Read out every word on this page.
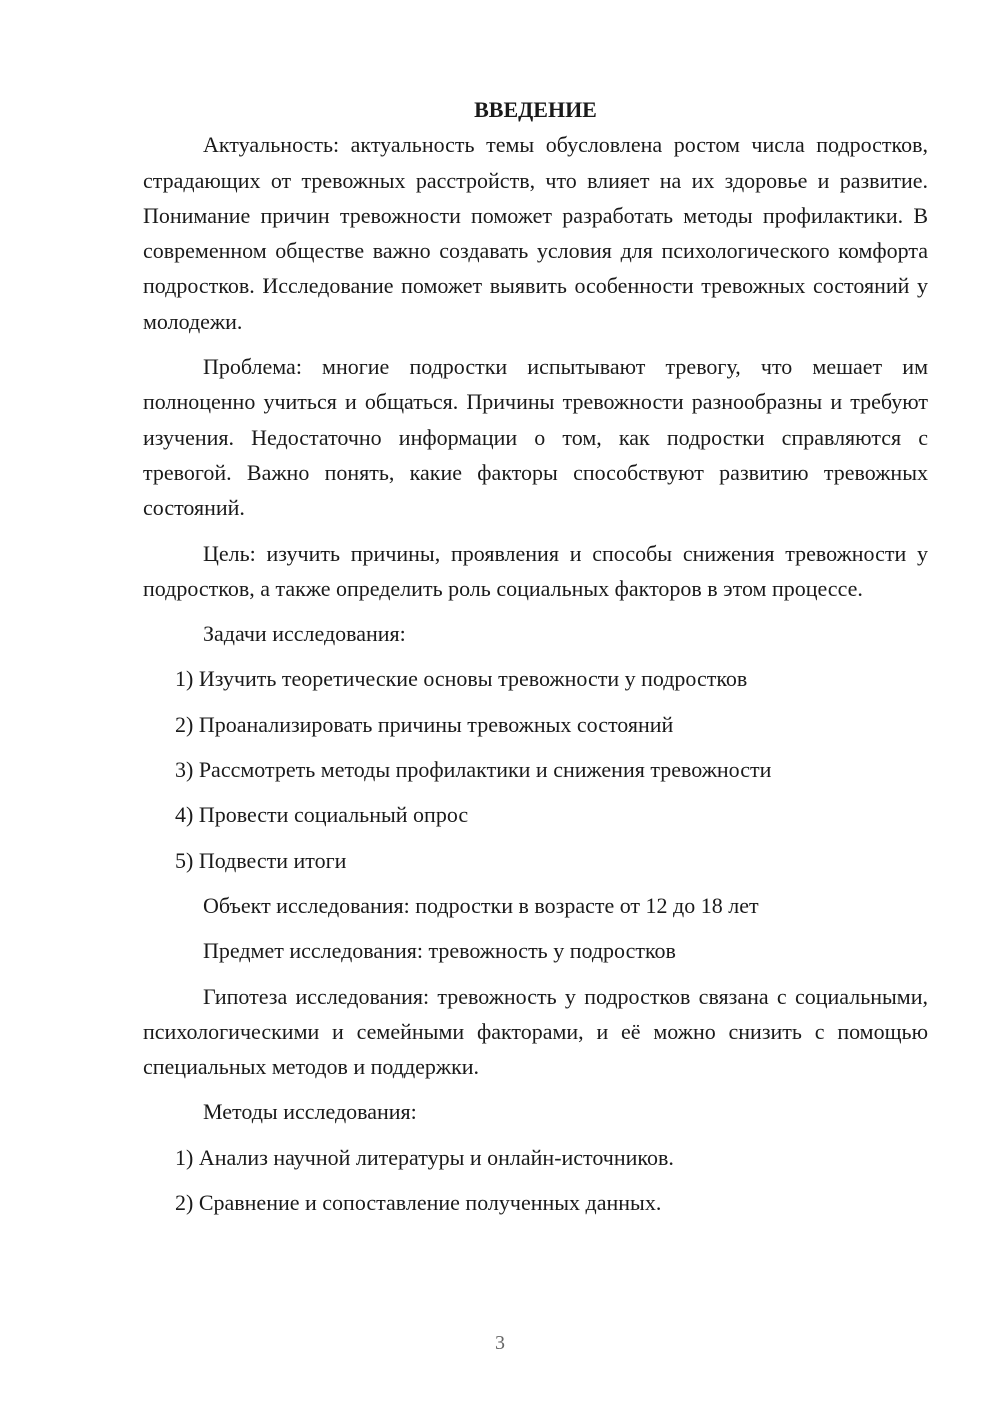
ВВЕДЕНИЕ
Актуальность: актуальность темы обусловлена ростом числа подростков, страдающих от тревожных расстройств, что влияет на их здоровье и развитие. Понимание причин тревожности поможет разработать методы профилактики. В современном обществе важно создавать условия для психологического комфорта подростков. Исследование поможет выявить особенности тревожных состояний у молодежи.
Проблема: многие подростки испытывают тревогу, что мешает им полноценно учиться и общаться. Причины тревожности разнообразны и требуют изучения. Недостаточно информации о том, как подростки справляются с тревогой. Важно понять, какие факторы способствуют развитию тревожных состояний.
Цель: изучить причины, проявления и способы снижения тревожности у подростков, а также определить роль социальных факторов в этом процессе.
Задачи исследования:
1) Изучить теоретические основы тревожности у подростков
2) Проанализировать причины тревожных состояний
3) Рассмотреть методы профилактики и снижения тревожности
4) Провести социальный опрос
5) Подвести итоги
Объект исследования: подростки в возрасте от 12 до 18 лет
Предмет исследования: тревожность у подростков
Гипотеза исследования: тревожность у подростков связана с социальными, психологическими и семейными факторами, и её можно снизить с помощью специальных методов и поддержки.
Методы исследования:
1) Анализ научной литературы и онлайн-источников.
2) Сравнение и сопоставление полученных данных.
3
